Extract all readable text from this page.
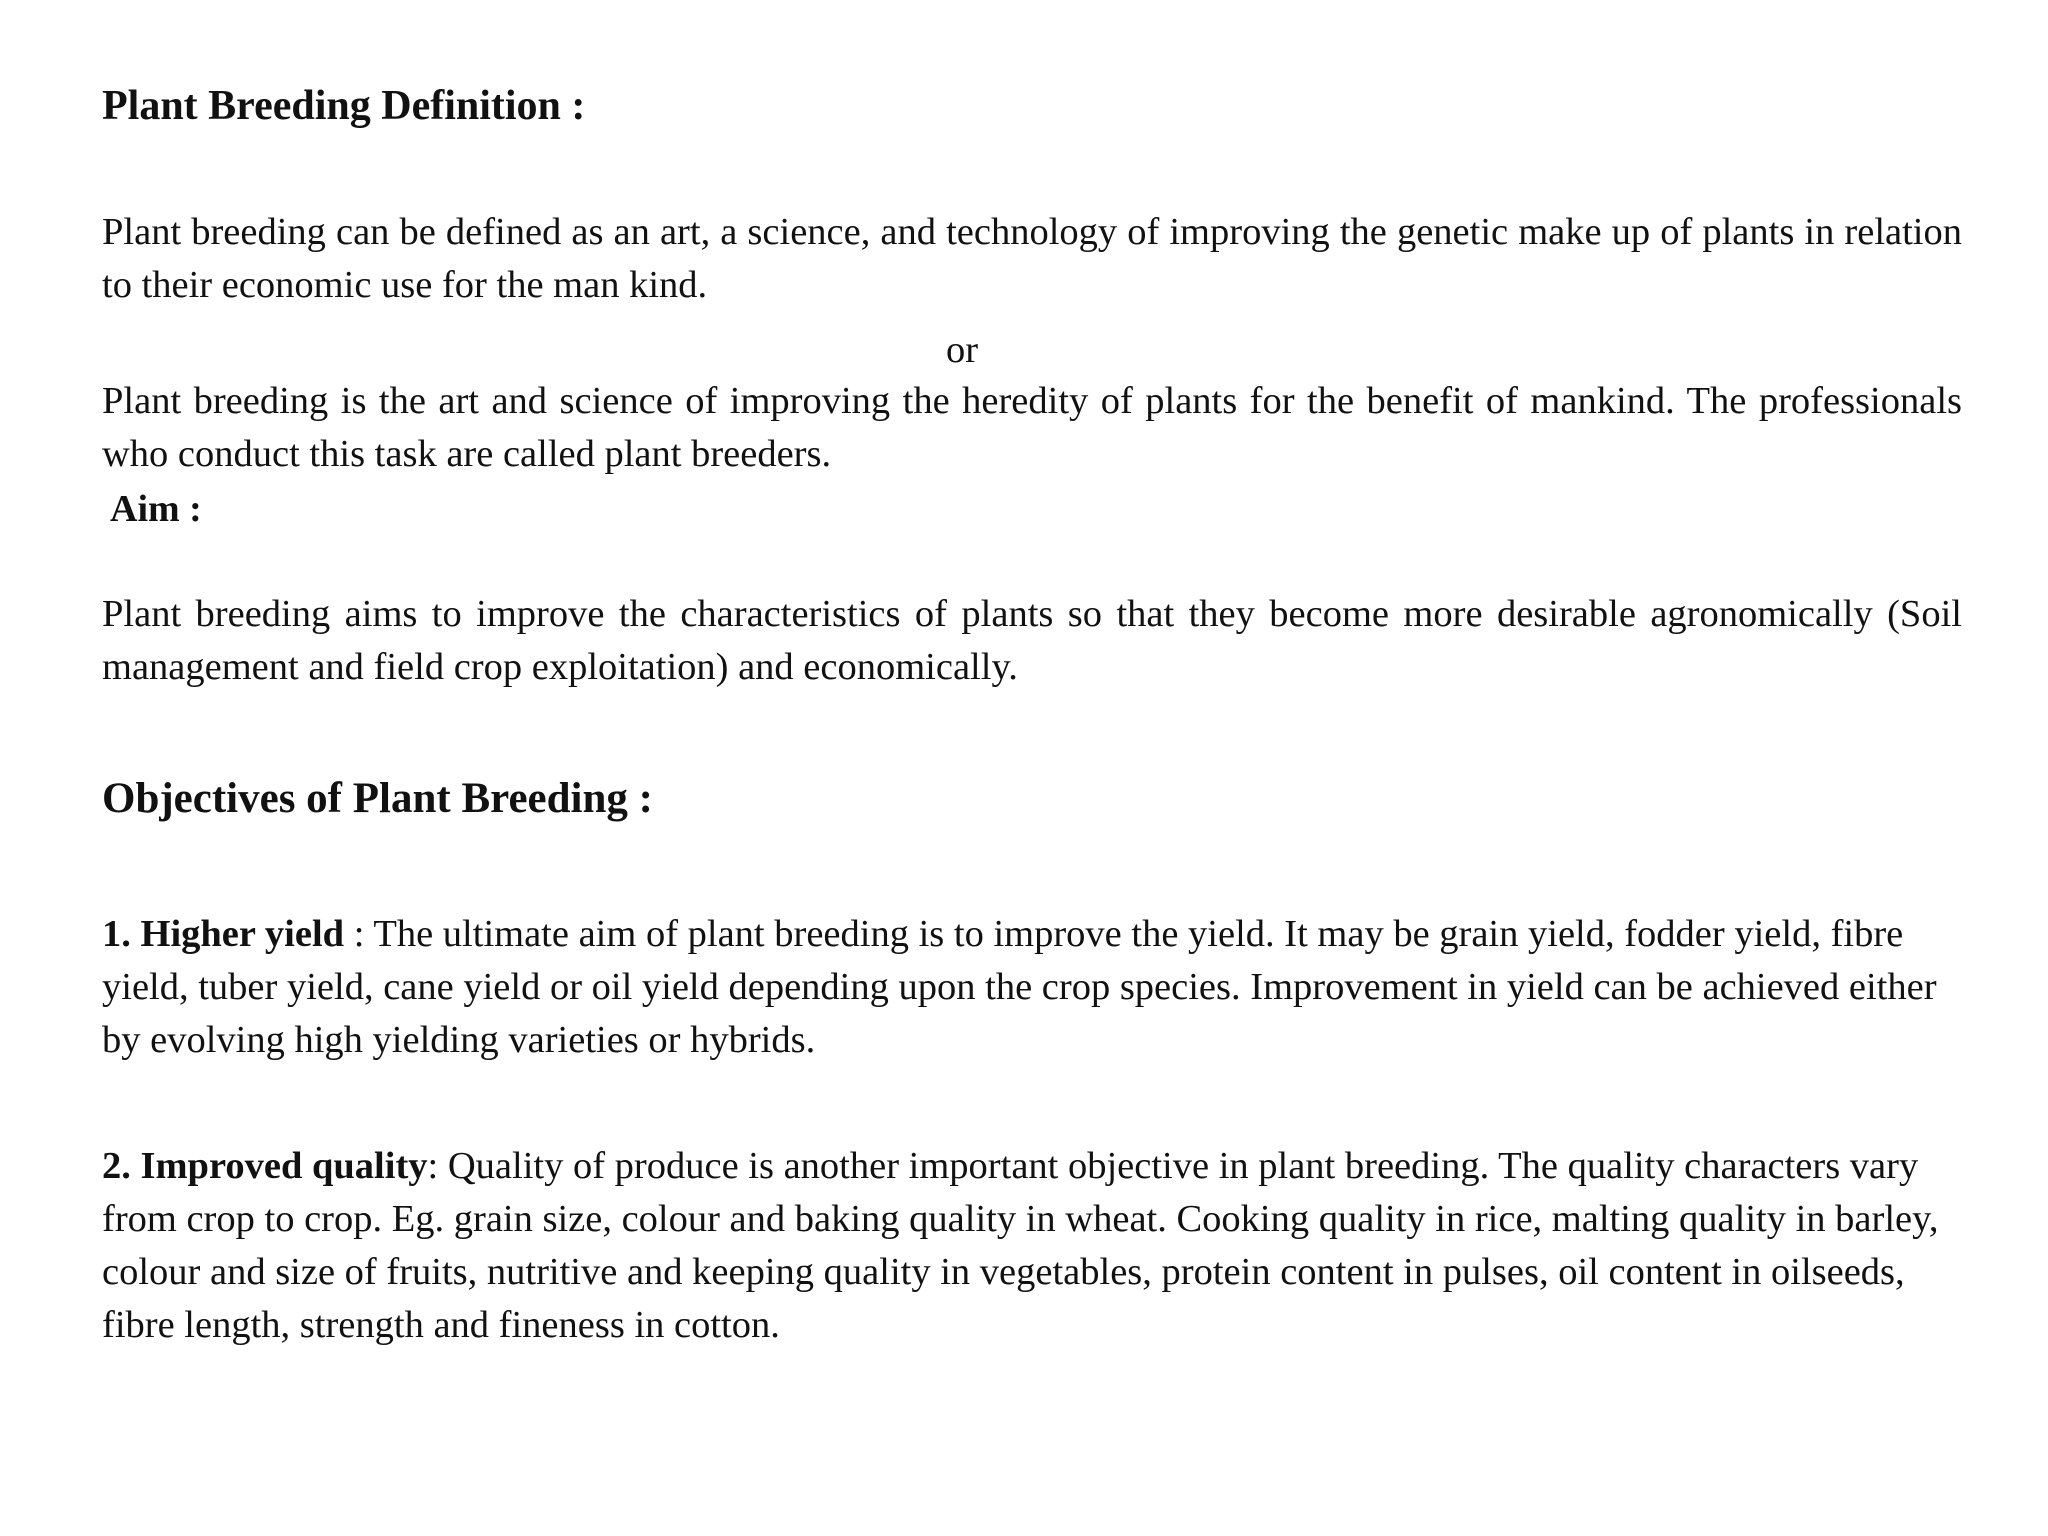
Plant Breeding Definition :

Plant breeding can be defined as an art, a science, and technology of improving the genetic make up of plants in relation to their economic use for the man kind.

or

Plant breeding is the art and science of improving the heredity of plants for the benefit of mankind. The professionals who conduct this task are called plant breeders.

Aim :

Plant breeding aims to improve the characteristics of plants so that they become more desirable agronomically (Soil management and field crop exploitation) and economically.

Objectives of Plant Breeding :

1. Higher yield : The ultimate aim of plant breeding is to improve the yield. It may be grain yield, fodder yield, fibre yield, tuber yield, cane yield or oil yield depending upon the crop species. Improvement in yield can be achieved either by evolving high yielding varieties or hybrids.

2. Improved quality: Quality of produce is another important objective in plant breeding. The quality characters vary from crop to crop. Eg. grain size, colour and baking quality in wheat. Cooking quality in rice, malting quality in barley, colour and size of fruits, nutritive and keeping quality in vegetables, protein content in pulses, oil content in oilseeds, fibre length, strength and fineness in cotton.
